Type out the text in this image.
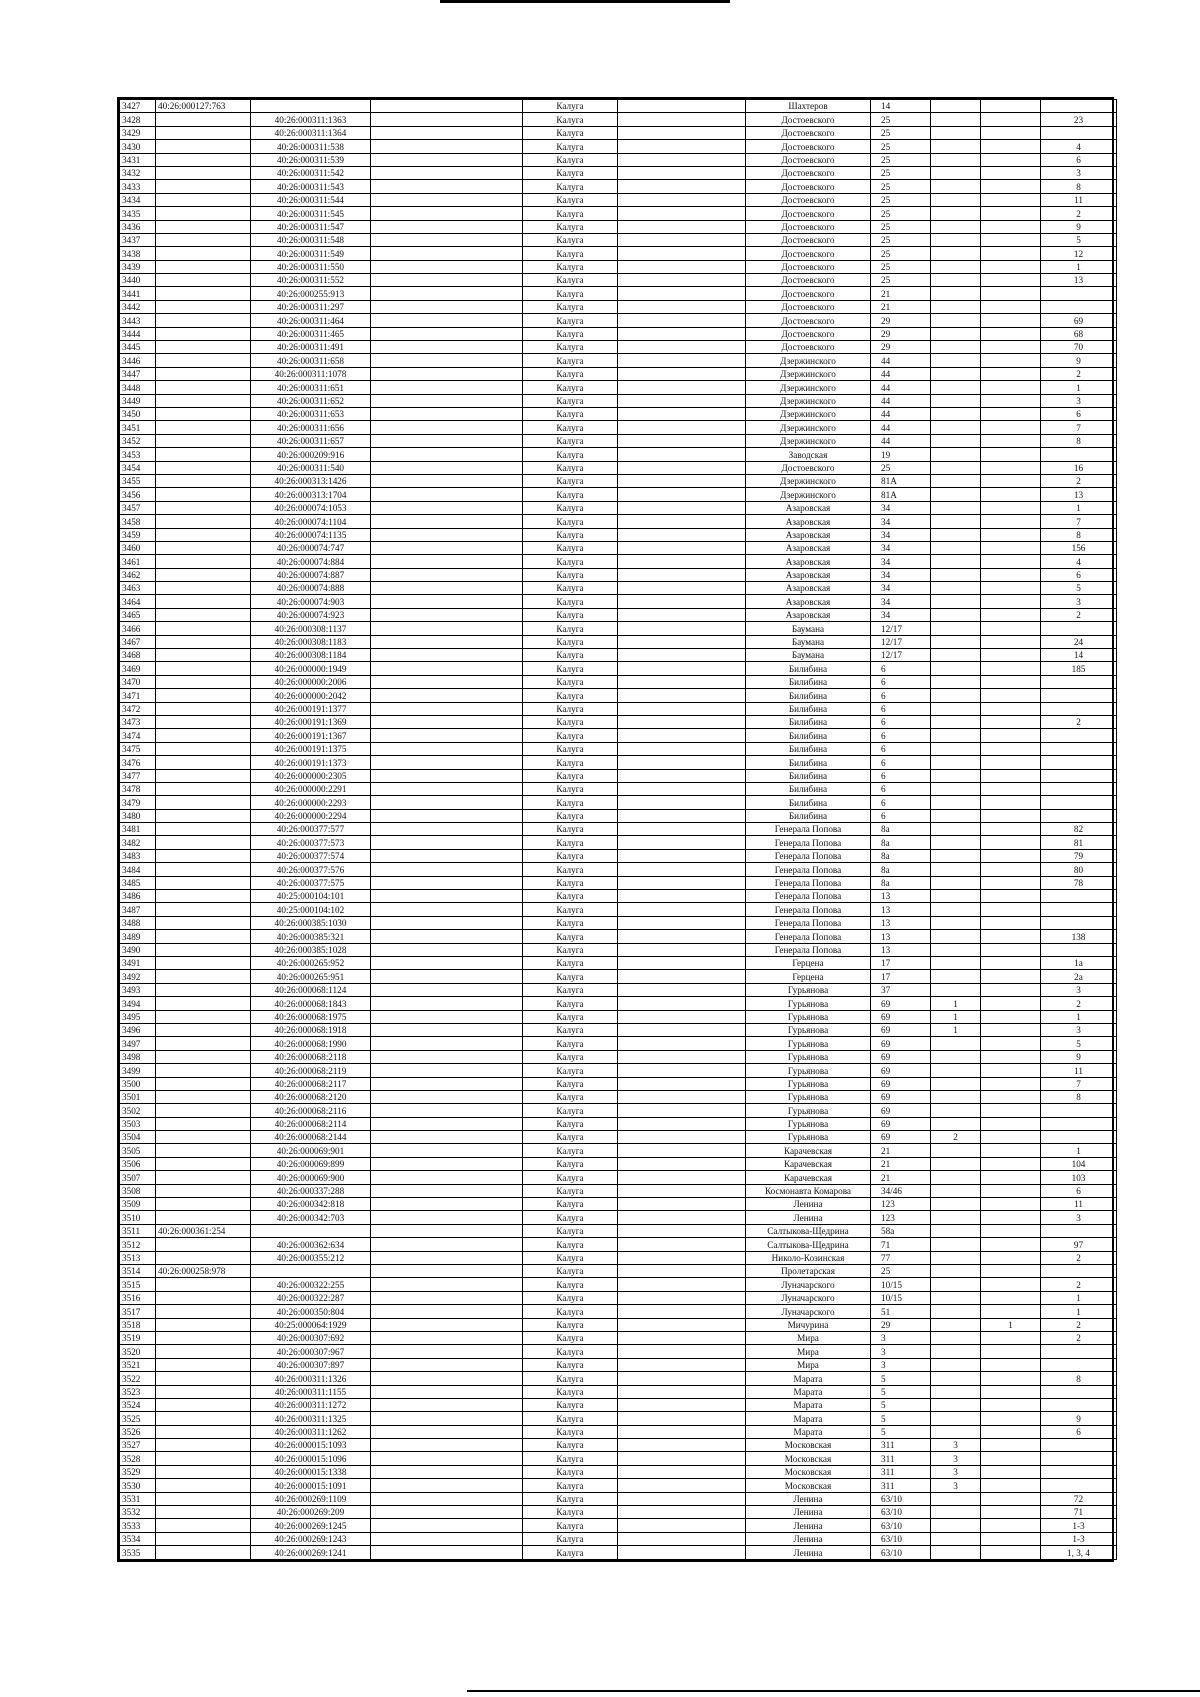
3427	40:26:000127:763			Калуга		Шахтеров	14			
3428		40:26:000311:1363		Калуга		Достоевского	25			23
3429		40:26:000311:1364		Калуга		Достоевского	25			
3430		40:26:000311:538		Калуга		Достоевского	25			4
3431		40:26:000311:539		Калуга		Достоевского	25			6
3432		40:26:000311:542		Калуга		Достоевского	25			3
3433		40:26:000311:543		Калуга		Достоевского	25			8
3434		40:26:000311:544		Калуга		Достоевского	25			11
3435		40:26:000311:545		Калуга		Достоевского	25			2
3436		40:26:000311:547		Калуга		Достоевского	25			9
3437		40:26:000311:548		Калуга		Достоевского	25			5
3438		40:26:000311:549		Калуга		Достоевского	25			12
3439		40:26:000311:550		Калуга		Достоевского	25			1
3440		40:26:000311:552		Калуга		Достоевского	25			13
3441		40:26:000255:913		Калуга		Достоевского	21			
3442		40:26:000311:297		Калуга		Достоевского	21			
3443		40:26:000311:464		Калуга		Достоевского	29			69
3444		40:26:000311:465		Калуга		Достоевского	29			68
3445		40:26:000311:491		Калуга		Достоевского	29			70
3446		40:26:000311:658		Калуга		Дзержинского	44			9
3447		40:26:000311:1078		Калуга		Дзержинского	44			2
3448		40:26:000311:651		Калуга		Дзержинского	44			1
3449		40:26:000311:652		Калуга		Дзержинского	44			3
3450		40:26:000311:653		Калуга		Дзержинского	44			6
3451		40:26:000311:656		Калуга		Дзержинского	44			7
3452		40:26:000311:657		Калуга		Дзержинского	44			8
3453		40:26:000209:916		Калуга		Заводская	19			
3454		40:26:000311:540		Калуга		Достоевского	25			16
3455		40:26:000313:1426		Калуга		Дзержинского	81А			2
3456		40:26:000313:1704		Калуга		Дзержинского	81А			13
3457		40:26:000074:1053		Калуга		Азаровская	34			1
3458		40:26:000074:1104		Калуга		Азаровская	34			7
3459		40:26:000074:1135		Калуга		Азаровская	34			8
3460		40:26:000074:747		Калуга		Азаровская	34			156
3461		40:26:000074:884		Калуга		Азаровская	34			4
3462		40:26:000074:887		Калуга		Азаровская	34			6
3463		40:26:000074:888		Калуга		Азаровская	34			5
3464		40:26:000074:903		Калуга		Азаровская	34			3
3465		40:26:000074:923		Калуга		Азаровская	34			2
3466		40:26:000308:1137		Калуга		Баумана	12/17			
3467		40:26:000308:1183		Калуга		Баумана	12/17			24
3468		40:26:000308:1184		Калуга		Баумана	12/17			14
3469		40:26:000000:1949		Калуга		Билибина	6			185
3470		40:26:000000:2006		Калуга		Билибина	6			
3471		40:26:000000:2042		Калуга		Билибина	6			
3472		40:26:000191:1377		Калуга		Билибина	6			
3473		40:26:000191:1369		Калуга		Билибина	6			2
3474		40:26:000191:1367		Калуга		Билибина	6			
3475		40:26:000191:1375		Калуга		Билибина	6			
3476		40:26:000191:1373		Калуга		Билибина	6			
3477		40:26:000000:2305		Калуга		Билибина	6			
3478		40:26:000000:2291		Калуга		Билибина	6			
3479		40:26:000000:2293		Калуга		Билибина	6			
3480		40:26:000000:2294		Калуга		Билибина	6			
3481		40:26:000377:577		Калуга		Генерала Попова	8а			82
3482		40:26:000377:573		Калуга		Генерала Попова	8а			81
3483		40:26:000377:574		Калуга		Генерала Попова	8а			79
3484		40:26:000377:576		Калуга		Генерала Попова	8а			80
3485		40:26:000377:575		Калуга		Генерала Попова	8а			78
3486		40:25:000104:101		Калуга		Генерала Попова	13			
3487		40:25:000104:102		Калуга		Генерала Попова	13			
3488		40:26:000385:1030		Калуга		Генерала Попова	13			
3489		40:26:000385:321		Калуга		Генерала Попова	13			138
3490		40:26:000385:1028		Калуга		Генерала Попова	13			
3491		40:26:000265:952		Калуга		Герцена	17			1а
3492		40:26:000265:951		Калуга		Герцена	17			2а
3493		40:26:000068:1124		Калуга		Гурьянова	37			3
3494		40:26:000068:1843		Калуга		Гурьянова	69	1		2
3495		40:26:000068:1975		Калуга		Гурьянова	69	1		1
3496		40:26:000068:1918		Калуга		Гурьянова	69	1		3
3497		40:26:000068:1990		Калуга		Гурьянова	69			5
3498		40:26:000068:2118		Калуга		Гурьянова	69			9
3499		40:26:000068:2119		Калуга		Гурьянова	69			11
3500		40:26:000068:2117		Калуга		Гурьянова	69			7
3501		40:26:000068:2120		Калуга		Гурьянова	69			8
3502		40:26:000068:2116		Калуга		Гурьянова	69			
3503		40:26:000068:2114		Калуга		Гурьянова	69			
3504		40:26:000068:2144		Калуга		Гурьянова	69	2		
3505		40:26:000069:901		Калуга		Карачевская	21			1
3506		40:26:000069:899		Калуга		Карачевская	21			104
3507		40:26:000069:900		Калуга		Карачевская	21			103
3508		40:26:000337:288		Калуга		Космонавта Комарова	34/46			6
3509		40:26:000342:818		Калуга		Ленина	123			11
3510		40:26:000342:703		Калуга		Ленина	123			3
3511	40:26:000361:254			Калуга		Салтыкова-Щедрина	58а			
3512		40:26:000362:634		Калуга		Салтыкова-Щедрина	71			97
3513		40:26:000355:212		Калуга		Николо-Козинская	77			2
3514	40:26:000258:978			Калуга		Пролетарская	25			
3515		40:26:000322:255		Калуга		Луначарского	10/15			2
3516		40:26:000322:287		Калуга		Луначарского	10/15			1
3517		40:26:000350:804		Калуга		Луначарского	51			1
3518		40:25:000064:1929		Калуга		Мичурина	29		1	2
3519		40:26:000307:692		Калуга		Мира	3			2
3520		40:26:000307:967		Калуга		Мира	3			
3521		40:26:000307:897		Калуга		Мира	3			
3522		40:26:000311:1326		Калуга		Марата	5			8
3523		40:26:000311:1155		Калуга		Марата	5			
3524		40:26:000311:1272		Калуга		Марата	5			
3525		40:26:000311:1325		Калуга		Марата	5			9
3526		40:26:000311:1262		Калуга		Марата	5			6
3527		40:26:000015:1093		Калуга		Московская	311	3		
3528		40:26:000015:1096		Калуга		Московская	311	3		
3529		40:26:000015:1338		Калуга		Московская	311	3		
3530		40:26:000015:1091		Калуга		Московская	311	3		
3531		40:26:000269:1109		Калуга		Ленина	63/10			72
3532		40:26:000269:209		Калуга		Ленина	63/10			71
3533		40:26:000269:1245		Калуга		Ленина	63/10			1-3
3534		40:26:000269:1243		Калуга		Ленина	63/10			1-3
3535		40:26:000269:1241		Калуга		Ленина	63/10			1, 3, 4
